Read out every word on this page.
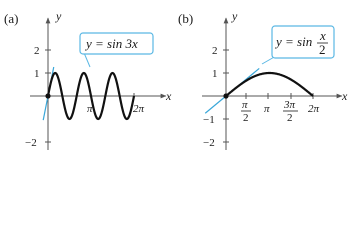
(a)
x
y
2
1
−2
π	2π
y = sin 3x
(b)
x
y
2
1
−1
−2
π
2
π 3π
2
2π
y = sin x
2
